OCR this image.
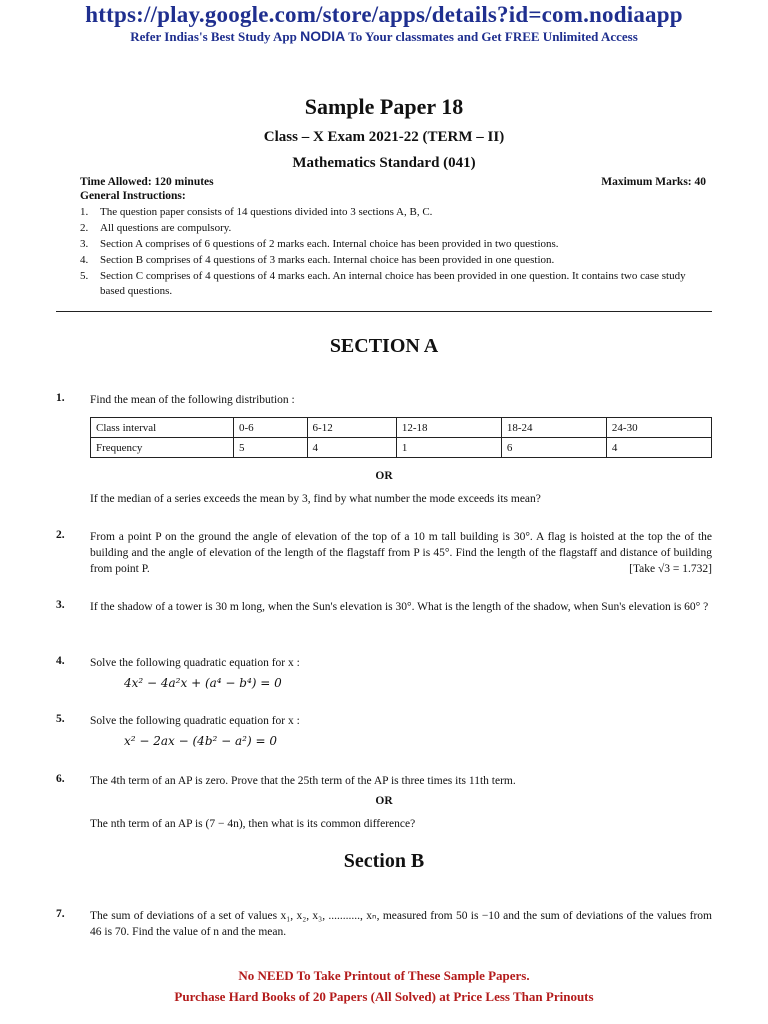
https://play.google.com/store/apps/details?id=com.nodiaapp
Refer Indias's Best Study App NODIA To Your classmates and Get FREE Unlimited Access
Sample Paper 18
Class – X Exam 2021-22 (TERM – II)
Mathematics Standard (041)
Time Allowed: 120 minutes	Maximum Marks: 40
General Instructions:
1. The question paper consists of 14 questions divided into 3 sections A, B, C.
2. All questions are compulsory.
3. Section A comprises of 6 questions of 2 marks each. Internal choice has been provided in two questions.
4. Section B comprises of 4 questions of 3 marks each. Internal choice has been provided in one question.
5. Section C comprises of 4 questions of 4 marks each. An internal choice has been provided in one question. It contains two case study based questions.
SECTION A
1. Find the mean of the following distribution :
Class interval	0-6	6-12	12-18	18-24	24-30
Frequency	5	4	1	6	4
OR
If the median of a series exceeds the mean by 3, find by what number the mode exceeds its mean?
2. From a point P on the ground the angle of elevation of the top of a 10 m tall building is 30°. A flag is hoisted at the top the of the building and the angle of elevation of the length of the flagstaff from P is 45°. Find the length of the flagstaff and distance of building from point P.	[Take √3 = 1.732]
3. If the shadow of a tower is 30 m long, when the Sun's elevation is 30°. What is the length of the shadow, when Sun's elevation is 60° ?
4. Solve the following quadratic equation for x :
4x² − 4a²x + (a⁴ − b⁴) = 0
5. Solve the following quadratic equation for x :
x² − 2ax − (4b² − a²) = 0
6. The 4th term of an AP is zero. Prove that the 25th term of the AP is three times its 11th term.
OR
The nth term of an AP is (7 − 4n), then what is its common difference?
Section B
7. The sum of deviations of a set of values x₁, x₂, x₃, ..........., xₙ, measured from 50 is −10 and the sum of deviations of the values from 46 is 70. Find the value of n and the mean.
No NEED To Take Printout of These Sample Papers.
Purchase Hard Books of 20 Papers (All Solved) at Price Less Than Prinouts
